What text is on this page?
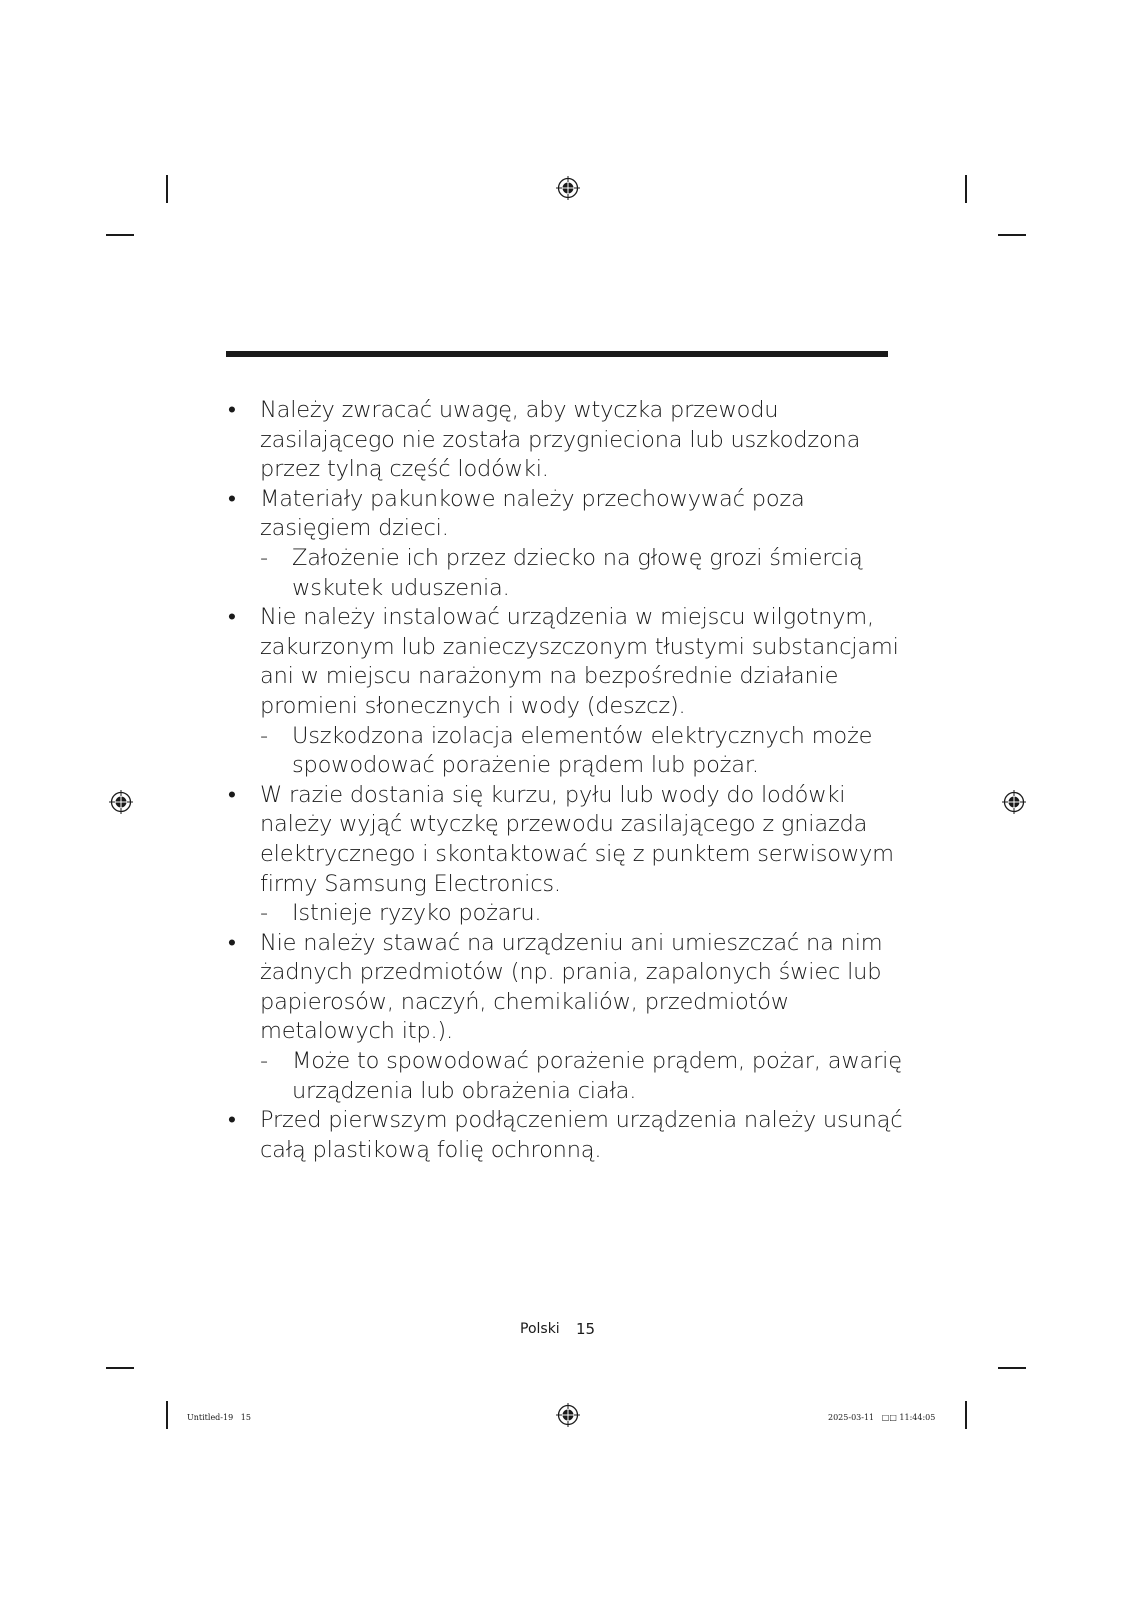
• Należy zwracać uwagę, aby wtyczka przewodu zasilającego nie została przygnieciona lub uszkodzona przez tylną część lodówki.
• Materiały pakunkowe należy przechowywać poza zasięgiem dzieci.
- Założenie ich przez dziecko na głowę grozi śmiercią wskutek uduszenia.
• Nie należy instalować urządzenia w miejscu wilgotnym, zakurzonym lub zanieczyszczonym tłustymi substancjami ani w miejscu narażonym na bezpośrednie działanie promieni słonecznych i wody (deszcz).
- Uszkodzona izolacja elementów elektrycznych może spowodować porażenie prądem lub pożar.
• W razie dostania się kurzu, pyłu lub wody do lodówki należy wyjąć wtyczkę przewodu zasilającego z gniazda elektrycznego i skontaktować się z punktem serwisowym firmy Samsung Electronics.
- Istnieje ryzyko pożaru.
• Nie należy stawać na urządzeniu ani umieszczać na nim żadnych przedmiotów (np. prania, zapalonych świec lub papierosów, naczyń, chemikaliów, przedmiotów metalowych itp.).
- Może to spowodować porażenie prądem, pożar, awarię urządzenia lub obrażenia ciała.
• Przed pierwszym podłączeniem urządzenia należy usunąć całą plastikową folię ochronną.
Polski 15
Untitled-19   15	2025-03-11   □□ 11:44:05
